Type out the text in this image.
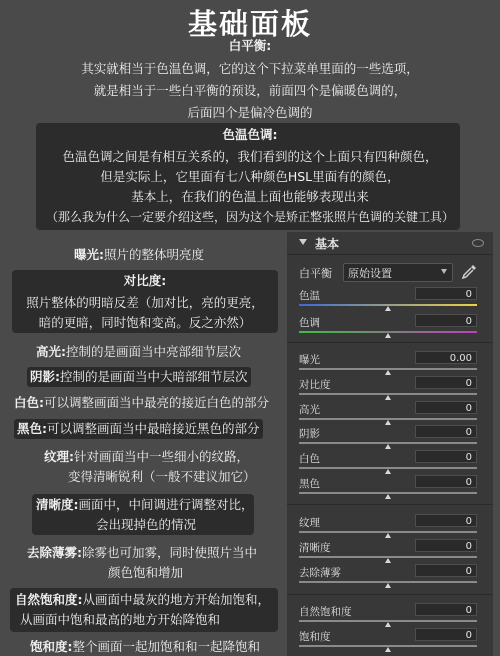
基础面板
白平衡:
其实就相当于色温色调，它的这个下拉菜单里面的一些选项，
就是相当于一些白平衡的预设，前面四个是偏暖色调的，
后面四个是偏冷色调的
色温色调:
色温色调之间是有相互关系的，我们看到的这个上面只有四种颜色，
但是实际上，它里面有七八种颜色HSL里面有的颜色，
基本上，在我们的色温上面也能够表现出来
（那么我为什么一定要介绍这些，因为这个是矫正整张照片色调的关键工具）
曝光:照片的整体明亮度
对比度:
照片整体的明暗反差（加对比，亮的更亮，
暗的更暗，同时饱和变高。反之亦然）
高光:控制的是画面当中亮部细节层次
阴影:控制的是画面当中大暗部细节层次
白色:可以调整画面当中最亮的接近白色的部分
黑色:可以调整画面当中最暗接近黑色的部分
纹理:针对画面当中一些细小的纹路，
变得清晰锐利（一般不建议加它）
清晰度:画面中，中间调进行调整对比，
会出现掉色的情况
去除薄雾:除雾也可加雾，同时使照片当中
颜色饱和增加
自然饱和度:从画面中最灰的地方开始加饱和，
从画面中饱和最高的地方开始降饱和
饱和度:整个画面一起加饱和和一起降饱和
基本
白平衡 原始设置
色温	0
色调	0
曝光	0.00
对比度	0
高光	0
阴影	0
白色	0
黑色	0
纹理	0
清晰度	0
去除薄雾	0
自然饱和度	0
饱和度	0
